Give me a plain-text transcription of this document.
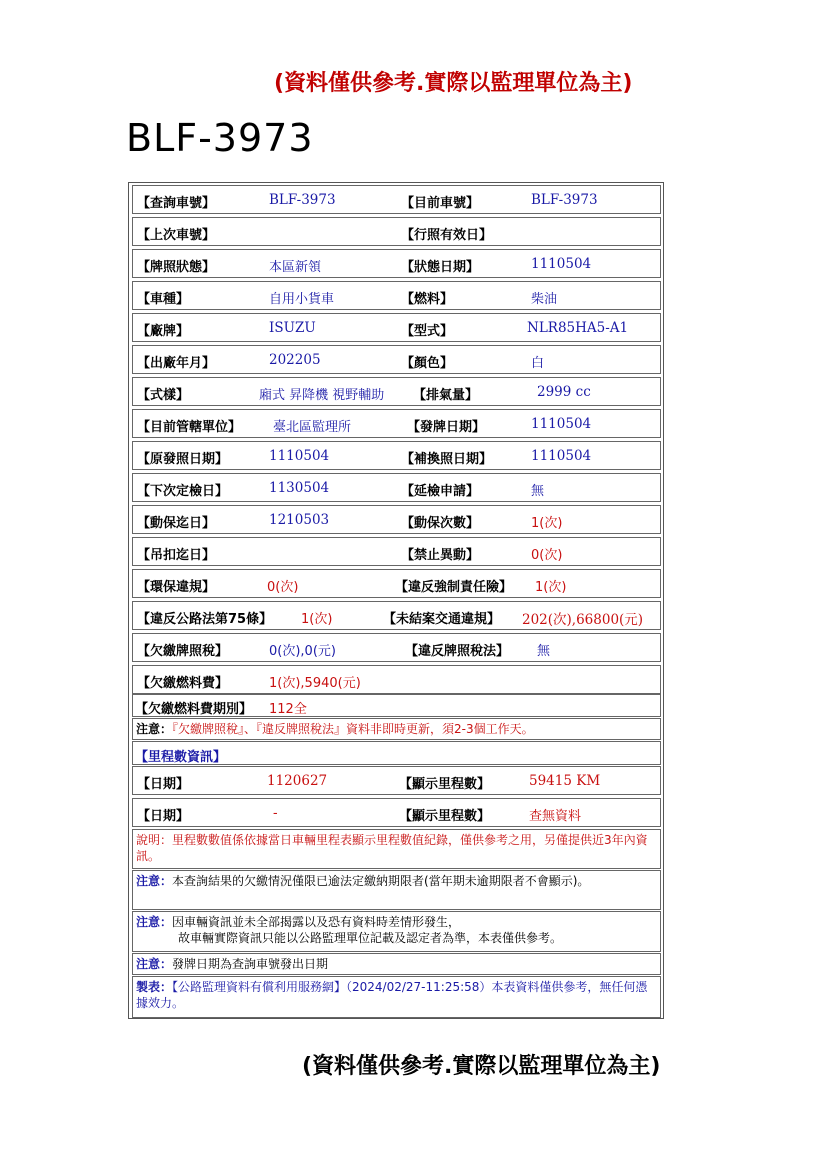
(資料僅供參考.實際以監理單位為主)
BLF-3973
【查詢車號】	BLF-3973	【目前車號】	BLF-3973
【上次車號】	【行照有效日】
【牌照狀態】	本區新領	【狀態日期】	1110504
【車種】	自用小貨車	【燃料】	柴油
【廠牌】	ISUZU	【型式】	NLR85HA5-A1
【出廠年月】	202205	【顏色】	白
【式樣】	廂式 昇降機 視野輔助 【排氣量】	2999 cc
【目前管轄單位】 臺北區監理所	【發牌日期】	1110504
【原發照日期】	1110504	【補換照日期】	1110504
【下次定檢日】	1130504	【延檢申請】	無
【動保迄日】	1210503	【動保次數】	1(次)
【吊扣迄日】	【禁止異動】	0(次)
【環保違規】	0(次)	【違反強制責任險】 1(次)
【違反公路法第75條】 1(次)	【未結案交通違規】 202(次),66800(元)
【欠繳牌照稅】	0(次),0(元)	【違反牌照稅法】 無
【欠繳燃料費】	1(次),5940(元)
【欠繳燃料費期別】 112全
注意：『欠繳牌照稅』、『違反牌照稅法』資料非即時更新，須2-3個工作天。
【里程數資訊】
【日期】	1120627	【顯示里程數】	59415 KM
【日期】	-	【顯示里程數】	查無資料
說明：里程數數值係依據當日車輛里程表顯示里程數值紀錄，僅供參考之用，另僅提供近3年內資訊。
注意：本查詢結果的欠繳情況僅限已逾法定繳納期限者(當年期未逾期限者不會顯示)。
注意：因車輛資訊並未全部揭露以及恐有資料時差情形發生，
故車輛實際資訊只能以公路監理單位記載及認定者為準，本表僅供參考。
注意：發牌日期為查詢車號發出日期
製表：【公路監理資料有償利用服務網】（2024/02/27-11:25:58）本表資料僅供參考，無任何憑據效力。
(資料僅供參考.實際以監理單位為主)
